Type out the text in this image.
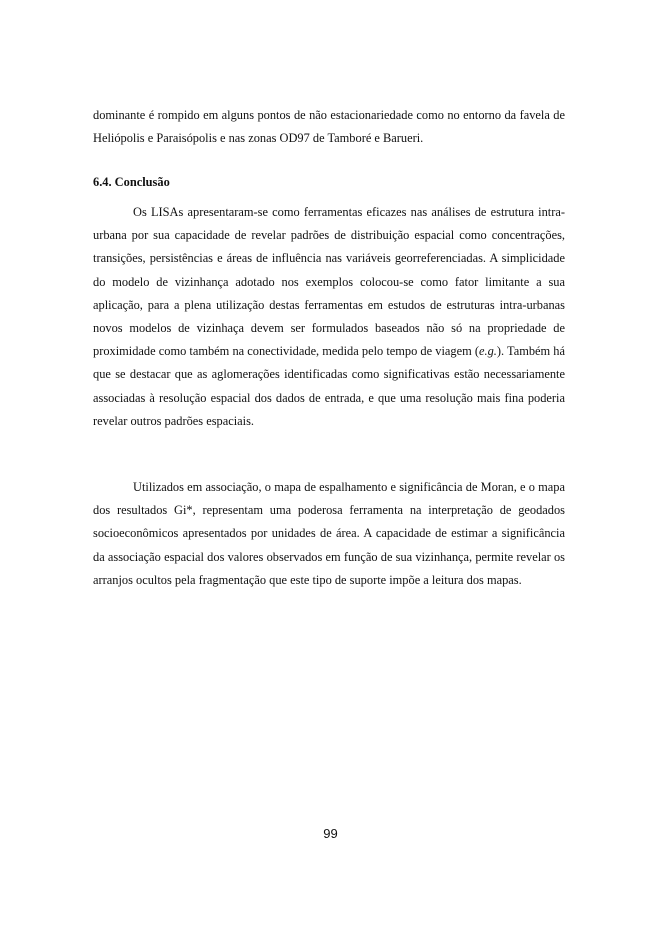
dominante é rompido em alguns pontos de não estacionariedade como no entorno da favela de Heliópolis e Paraisópolis e nas zonas OD97 de Tamboré e Barueri.

6.4. Conclusão

Os LISAs apresentaram-se como ferramentas eficazes nas análises de estrutura intra-urbana por sua capacidade de revelar padrões de distribuição espacial como concentrações, transições, persistências e áreas de influência nas variáveis georreferenciadas. A simplicidade do modelo de vizinhança adotado nos exemplos colocou-se como fator limitante a sua aplicação, para a plena utilização destas ferramentas em estudos de estruturas intra-urbanas novos modelos de vizinhaça devem ser formulados baseados não só na propriedade de proximidade como também na conectividade, medida pelo tempo de viagem (e.g.). Também há que se destacar que as aglomerações identificadas como significativas estão necessariamente associadas à resolução espacial dos dados de entrada, e que uma resolução mais fina poderia revelar outros padrões espaciais.

Utilizados em associação, o mapa de espalhamento e significância de Moran, e o mapa dos resultados Gi*, representam uma poderosa ferramenta na interpretação de geodados socioeconômicos apresentados por unidades de área. A capacidade de estimar a significância da associação espacial dos valores observados em função de sua vizinhança, permite revelar os arranjos ocultos pela fragmentação que este tipo de suporte impõe a leitura dos mapas.

99
